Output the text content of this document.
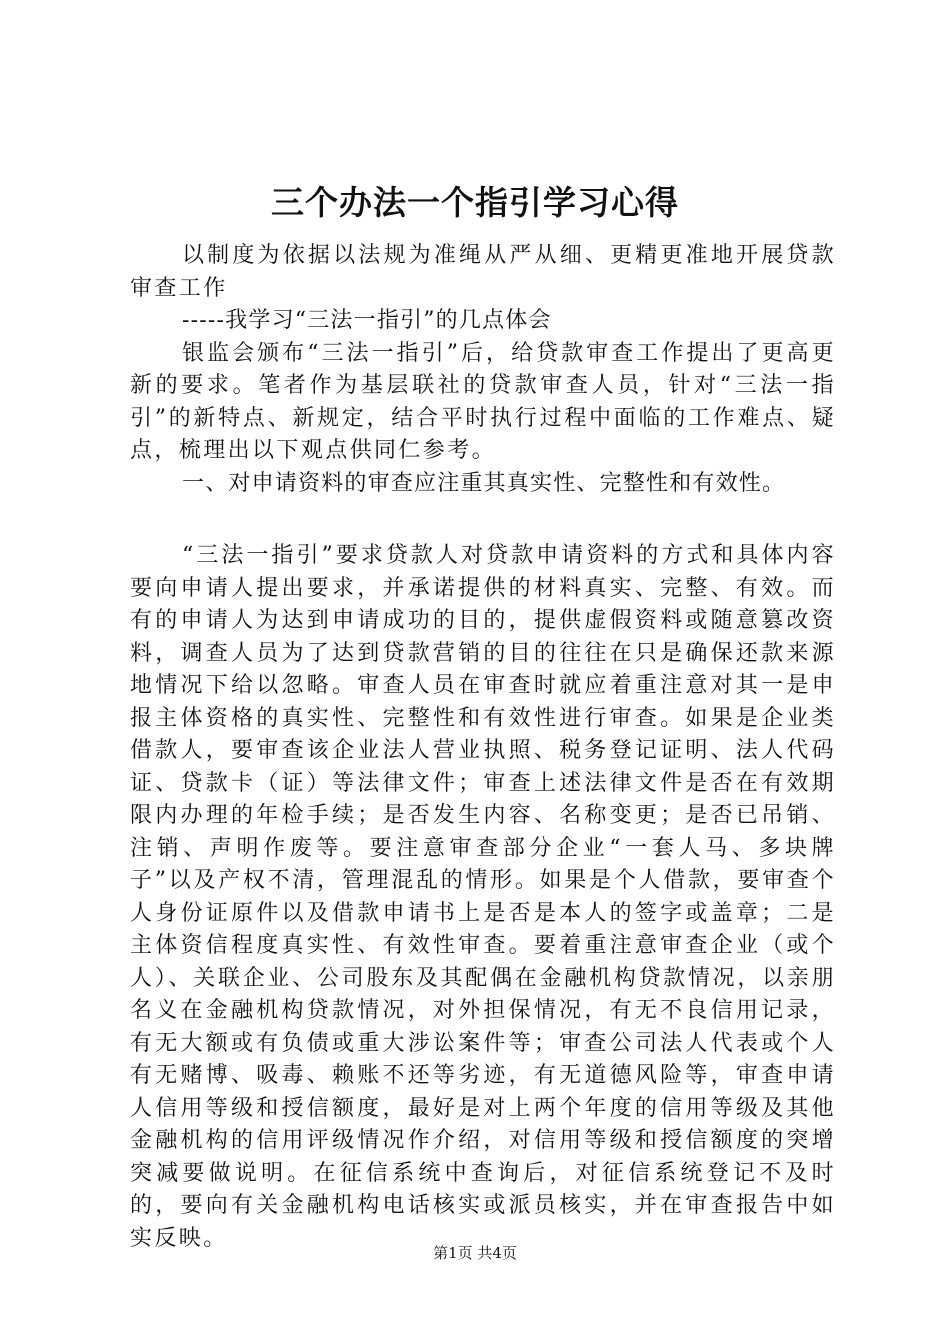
三个办法一个指引学习心得

以制度为依据以法规为准绳从严从细、更精更准地开展贷款审查工作

-----我学习“三法一指引”的几点体会

银监会颁布“三法一指引”后，给贷款审查工作提出了更高更新的要求。笔者作为基层联社的贷款审查人员，针对“三法一指引”的新特点、新规定，结合平时执行过程中面临的工作难点、疑点，梳理出以下观点供同仁参考。

一、对申请资料的审查应注重其真实性、完整性和有效性。

“三法一指引”要求贷款人对贷款申请资料的方式和具体内容要向申请人提出要求，并承诺提供的材料真实、完整、有效。而有的申请人为达到申请成功的目的，提供虚假资料或随意篡改资料，调查人员为了达到贷款营销的目的往往在只是确保还款来源地情况下给以忽略。审查人员在审查时就应着重注意对其一是申报主体资格的真实性、完整性和有效性进行审查。如果是企业类借款人，要审查该企业法人营业执照、税务登记证明、法人代码证、贷款卡（证）等法律文件；审查上述法律文件是否在有效期限内办理的年检手续；是否发生内容、名称变更；是否已吊销、注销、声明作废等。要注意审查部分企业“一套人马、多块牌子”以及产权不清，管理混乱的情形。如果是个人借款，要审查个人身份证原件以及借款申请书上是否是本人的签字或盖章；二是主体资信程度真实性、有效性审查。要着重注意审查企业（或个人）、关联企业、公司股东及其配偶在金融机构贷款情况，以亲朋名义在金融机构贷款情况，对外担保情况，有无不良信用记录，有无大额或有负债或重大涉讼案件等；审查公司法人代表或个人有无赌博、吸毒、赖账不还等劣迹，有无道德风险等，审查申请人信用等级和授信额度，最好是对上两个年度的信用等级及其他金融机构的信用评级情况作介绍，对信用等级和授信额度的突增突减要做说明。在征信系统中查询后，对征信系统登记不及时的，要向有关金融机构电话核实或派员核实，并在审查报告中如实反映。

第1页 共4页
